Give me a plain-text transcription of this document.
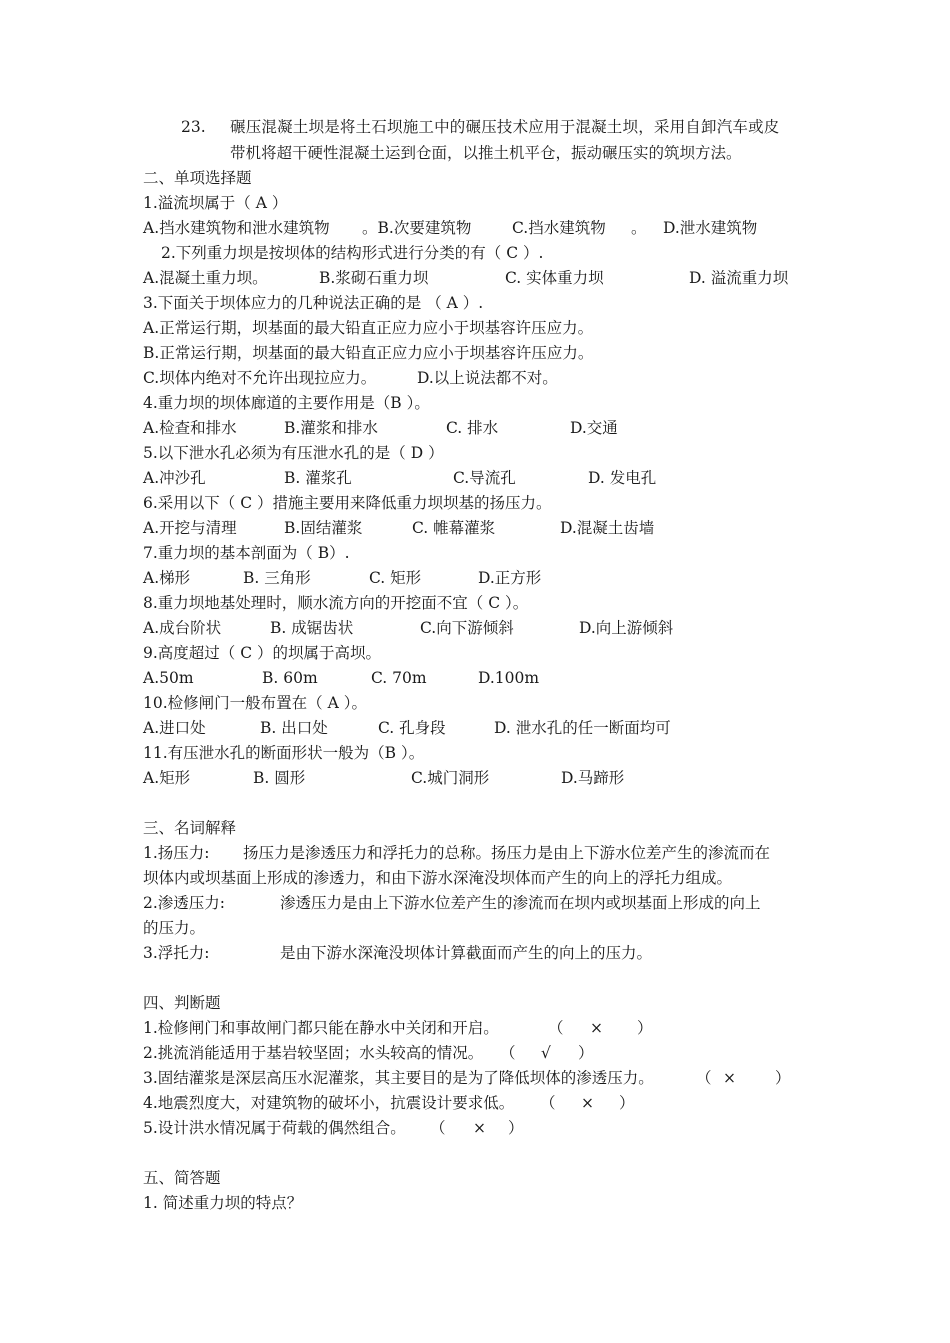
23. 碾压混凝土坝是将土石坝施工中的碾压技术应用于混凝土坝，采用自卸汽车或皮
带机将超干硬性混凝土运到仓面，以推土机平仓，振动碾压实的筑坝方法。
二、单项选择题
1.溢流坝属于（ A ）
A.挡水建筑物和泄水建筑物 。B.次要建筑物	C.挡水建筑物 。 D.泄水建筑物
2.下列重力坝是按坝体的结构形式进行分类的有（ C ）.
A.混凝土重力坝。	B.浆砌石重力坝	C. 实体重力坝	D. 溢流重力坝
3.下面关于坝体应力的几种说法正确的是 （ A ）.
A.正常运行期，坝基面的最大铅直正应力应小于坝基容许压应力。
B.正常运行期，坝基面的最大铅直正应力应小于坝基容许压应力。
C.坝体内绝对不允许出现拉应力。	D.以上说法都不对。
4.重力坝的坝体廊道的主要作用是（B ）。
A.检查和排水	B.灌浆和排水	C. 排水	D.交通
5.以下泄水孔必须为有压泄水孔的是（ D ）
A.冲沙孔	B. 灌浆孔	C.导流孔	D. 发电孔
6.采用以下（ C ）措施主要用来降低重力坝坝基的扬压力。
A.开挖与清理	B.固结灌浆	C. 帷幕灌浆	D.混凝土齿墙
7.重力坝的基本剖面为（ B）.
A.梯形	B. 三角形	C. 矩形	D.正方形
8.重力坝地基处理时，顺水流方向的开挖面不宜（ C ）。
A.成台阶状	B. 成锯齿状	C.向下游倾斜	D.向上游倾斜
9.高度超过（ C ）的坝属于高坝。
A.50m	B. 60m	C. 70m	D.100m
10.检修闸门一般布置在（ A ）。
A.进口处	B. 出口处	C. 孔身段	D. 泄水孔的任一断面均可
11.有压泄水孔的断面形状一般为（B ）。
A.矩形	B. 圆形	C.城门洞形	D.马蹄形
三、名词解释
1.扬压力: 扬压力是渗透压力和浮托力的总称。扬压力是由上下游水位差产生的渗流而在
坝体内或坝基面上形成的渗透力，和由下游水深淹没坝体而产生的向上的浮托力组成。
2.渗透压力:	渗透压力是由上下游水位差产生的渗流而在坝内或坝基面上形成的向上
的压力。
3.浮托力:	是由下游水深淹没坝体计算截面而产生的向上的压力。
四、判断题
1.检修闸门和事故闸门都只能在静水中关闭和开启。	（ × ）
2.挑流消能适用于基岩较坚固；水头较高的情况。 （ √ ）
3.固结灌浆是深层高压水泥灌浆，其主要目的是为了降低坝体的渗透压力。	（ ×	）
4.地震烈度大，对建筑物的破坏小，抗震设计要求低。 （ × ）
5.设计洪水情况属于荷载的偶然组合。 （ × ）
五、简答题
1. 简述重力坝的特点？
